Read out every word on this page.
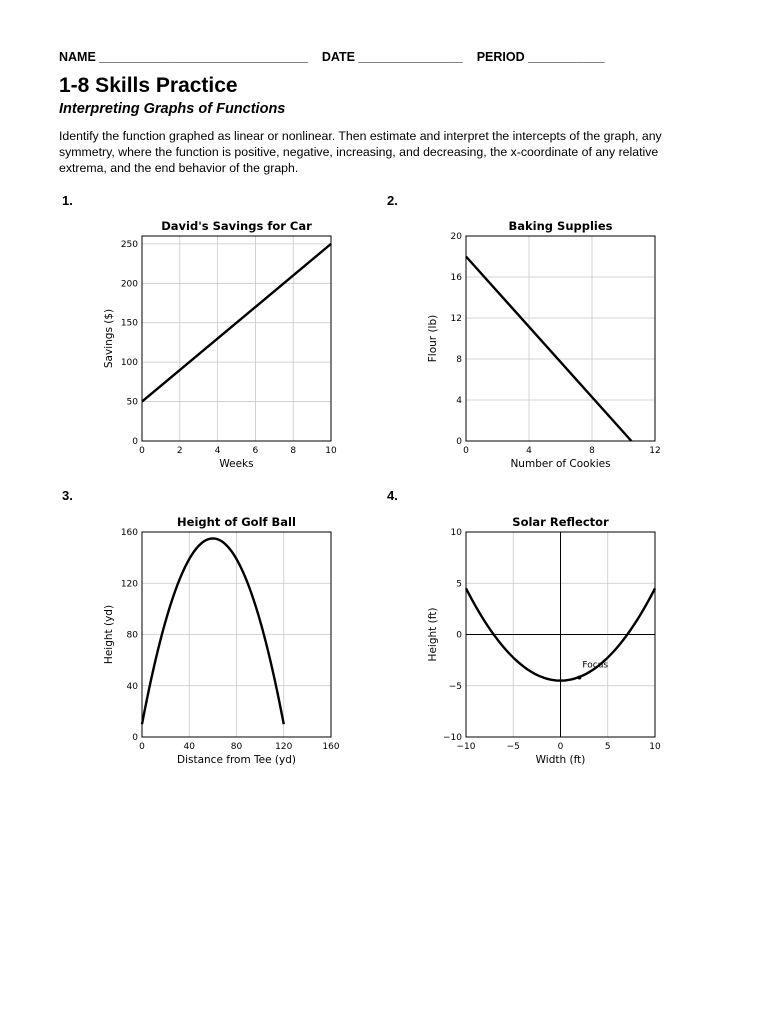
NAME ______________________________ DATE _______________ PERIOD ___________
1-8 Skills Practice
Interpreting Graphs of Functions
Identify the function graphed as linear or nonlinear. Then estimate and interpret the intercepts of the graph, any symmetry, where the function is positive, negative, increasing, and decreasing, the x-coordinate of any relative extrema, and the end behavior of the graph.
1.	2.
3.	4.
0	2	4	6	8	10
0
50
100
150
200
250
David's Savings for Car
Weeks
Savings ($)
0	4	8	12
0
4
8
12
16
20
Baking Supplies
Number of Cookies
Flour (lb)
0	40	80	120	160
0
40
80
120
160
Height of Golf Ball
Distance from Tee (yd)
Height (yd)
−10	−5	0	5	10
−10
−5
0
5
10
Solar Reflector
Width (ft)
Height (ft)
Focus
